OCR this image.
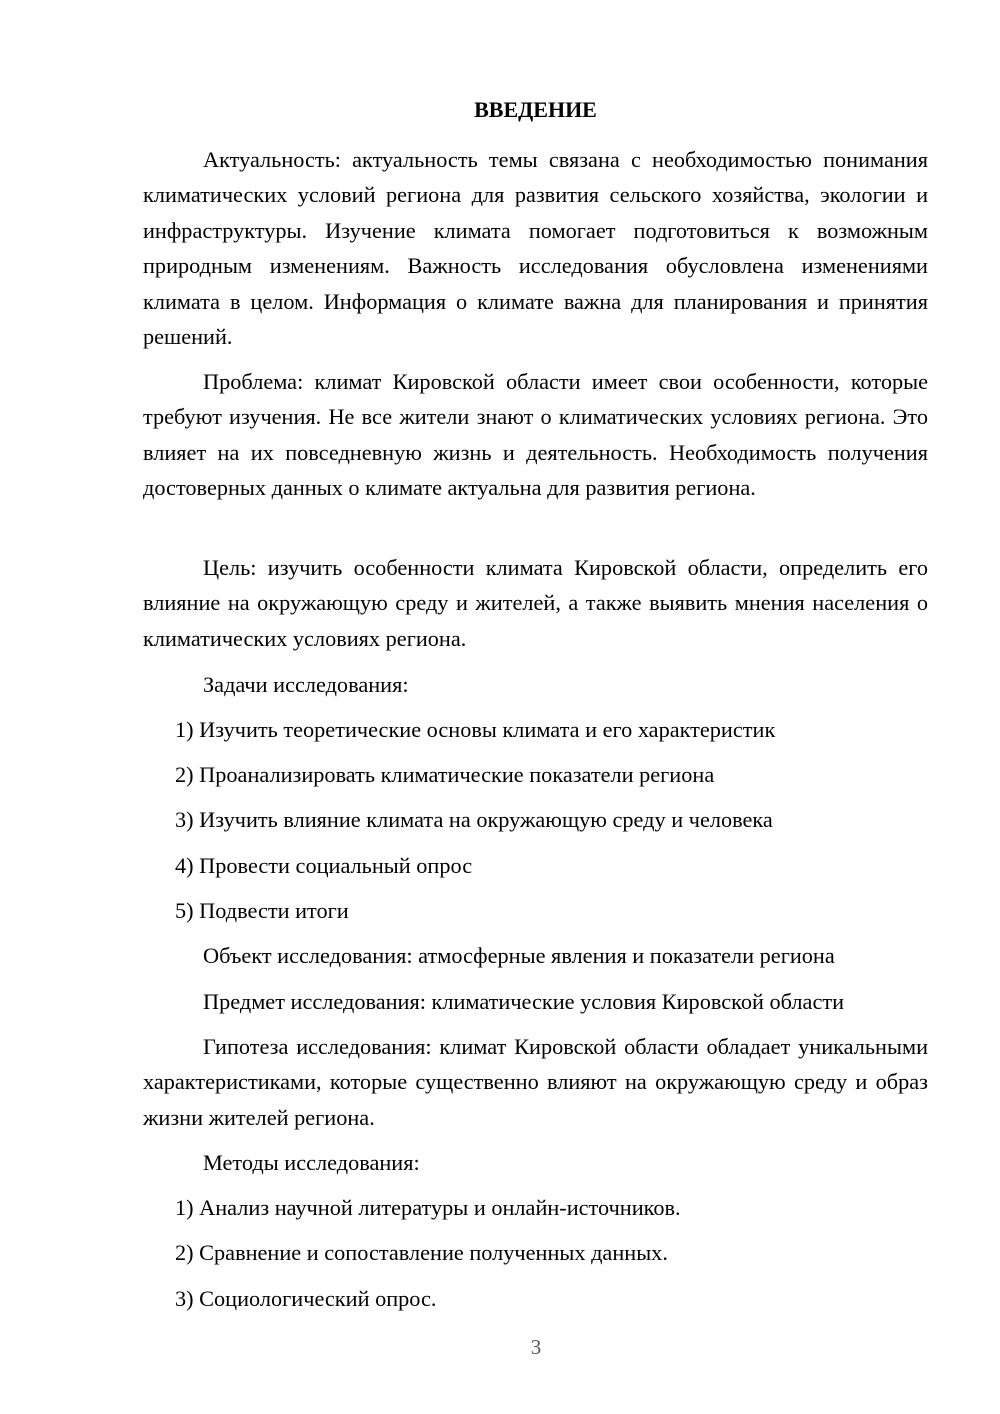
ВВЕДЕНИЕ

Актуальность: актуальность темы связана с необходимостью понимания климатических условий региона для развития сельского хозяйства, экологии и инфраструктуры. Изучение климата помогает подготовиться к возможным природным изменениям. Важность исследования обусловлена изменениями климата в целом. Информация о климате важна для планирования и принятия решений.

Проблема: климат Кировской области имеет свои особенности, которые требуют изучения. Не все жители знают о климатических условиях региона. Это влияет на их повседневную жизнь и деятельность. Необходимость получения достоверных данных о климате актуальна для развития региона.

Цель: изучить особенности климата Кировской области, определить его влияние на окружающую среду и жителей, а также выявить мнения населения о климатических условиях региона.

Задачи исследования:

1) Изучить теоретические основы климата и его характеристик

2) Проанализировать климатические показатели региона

3) Изучить влияние климата на окружающую среду и человека

4) Провести социальный опрос

5) Подвести итоги

Объект исследования: атмосферные явления и показатели региона

Предмет исследования: климатические условия Кировской области

Гипотеза исследования: климат Кировской области обладает уникальными характеристиками, которые существенно влияют на окружающую среду и образ жизни жителей региона.

Методы исследования:

1) Анализ научной литературы и онлайн-источников.

2) Сравнение и сопоставление полученных данных.

3) Социологический опрос.

3
